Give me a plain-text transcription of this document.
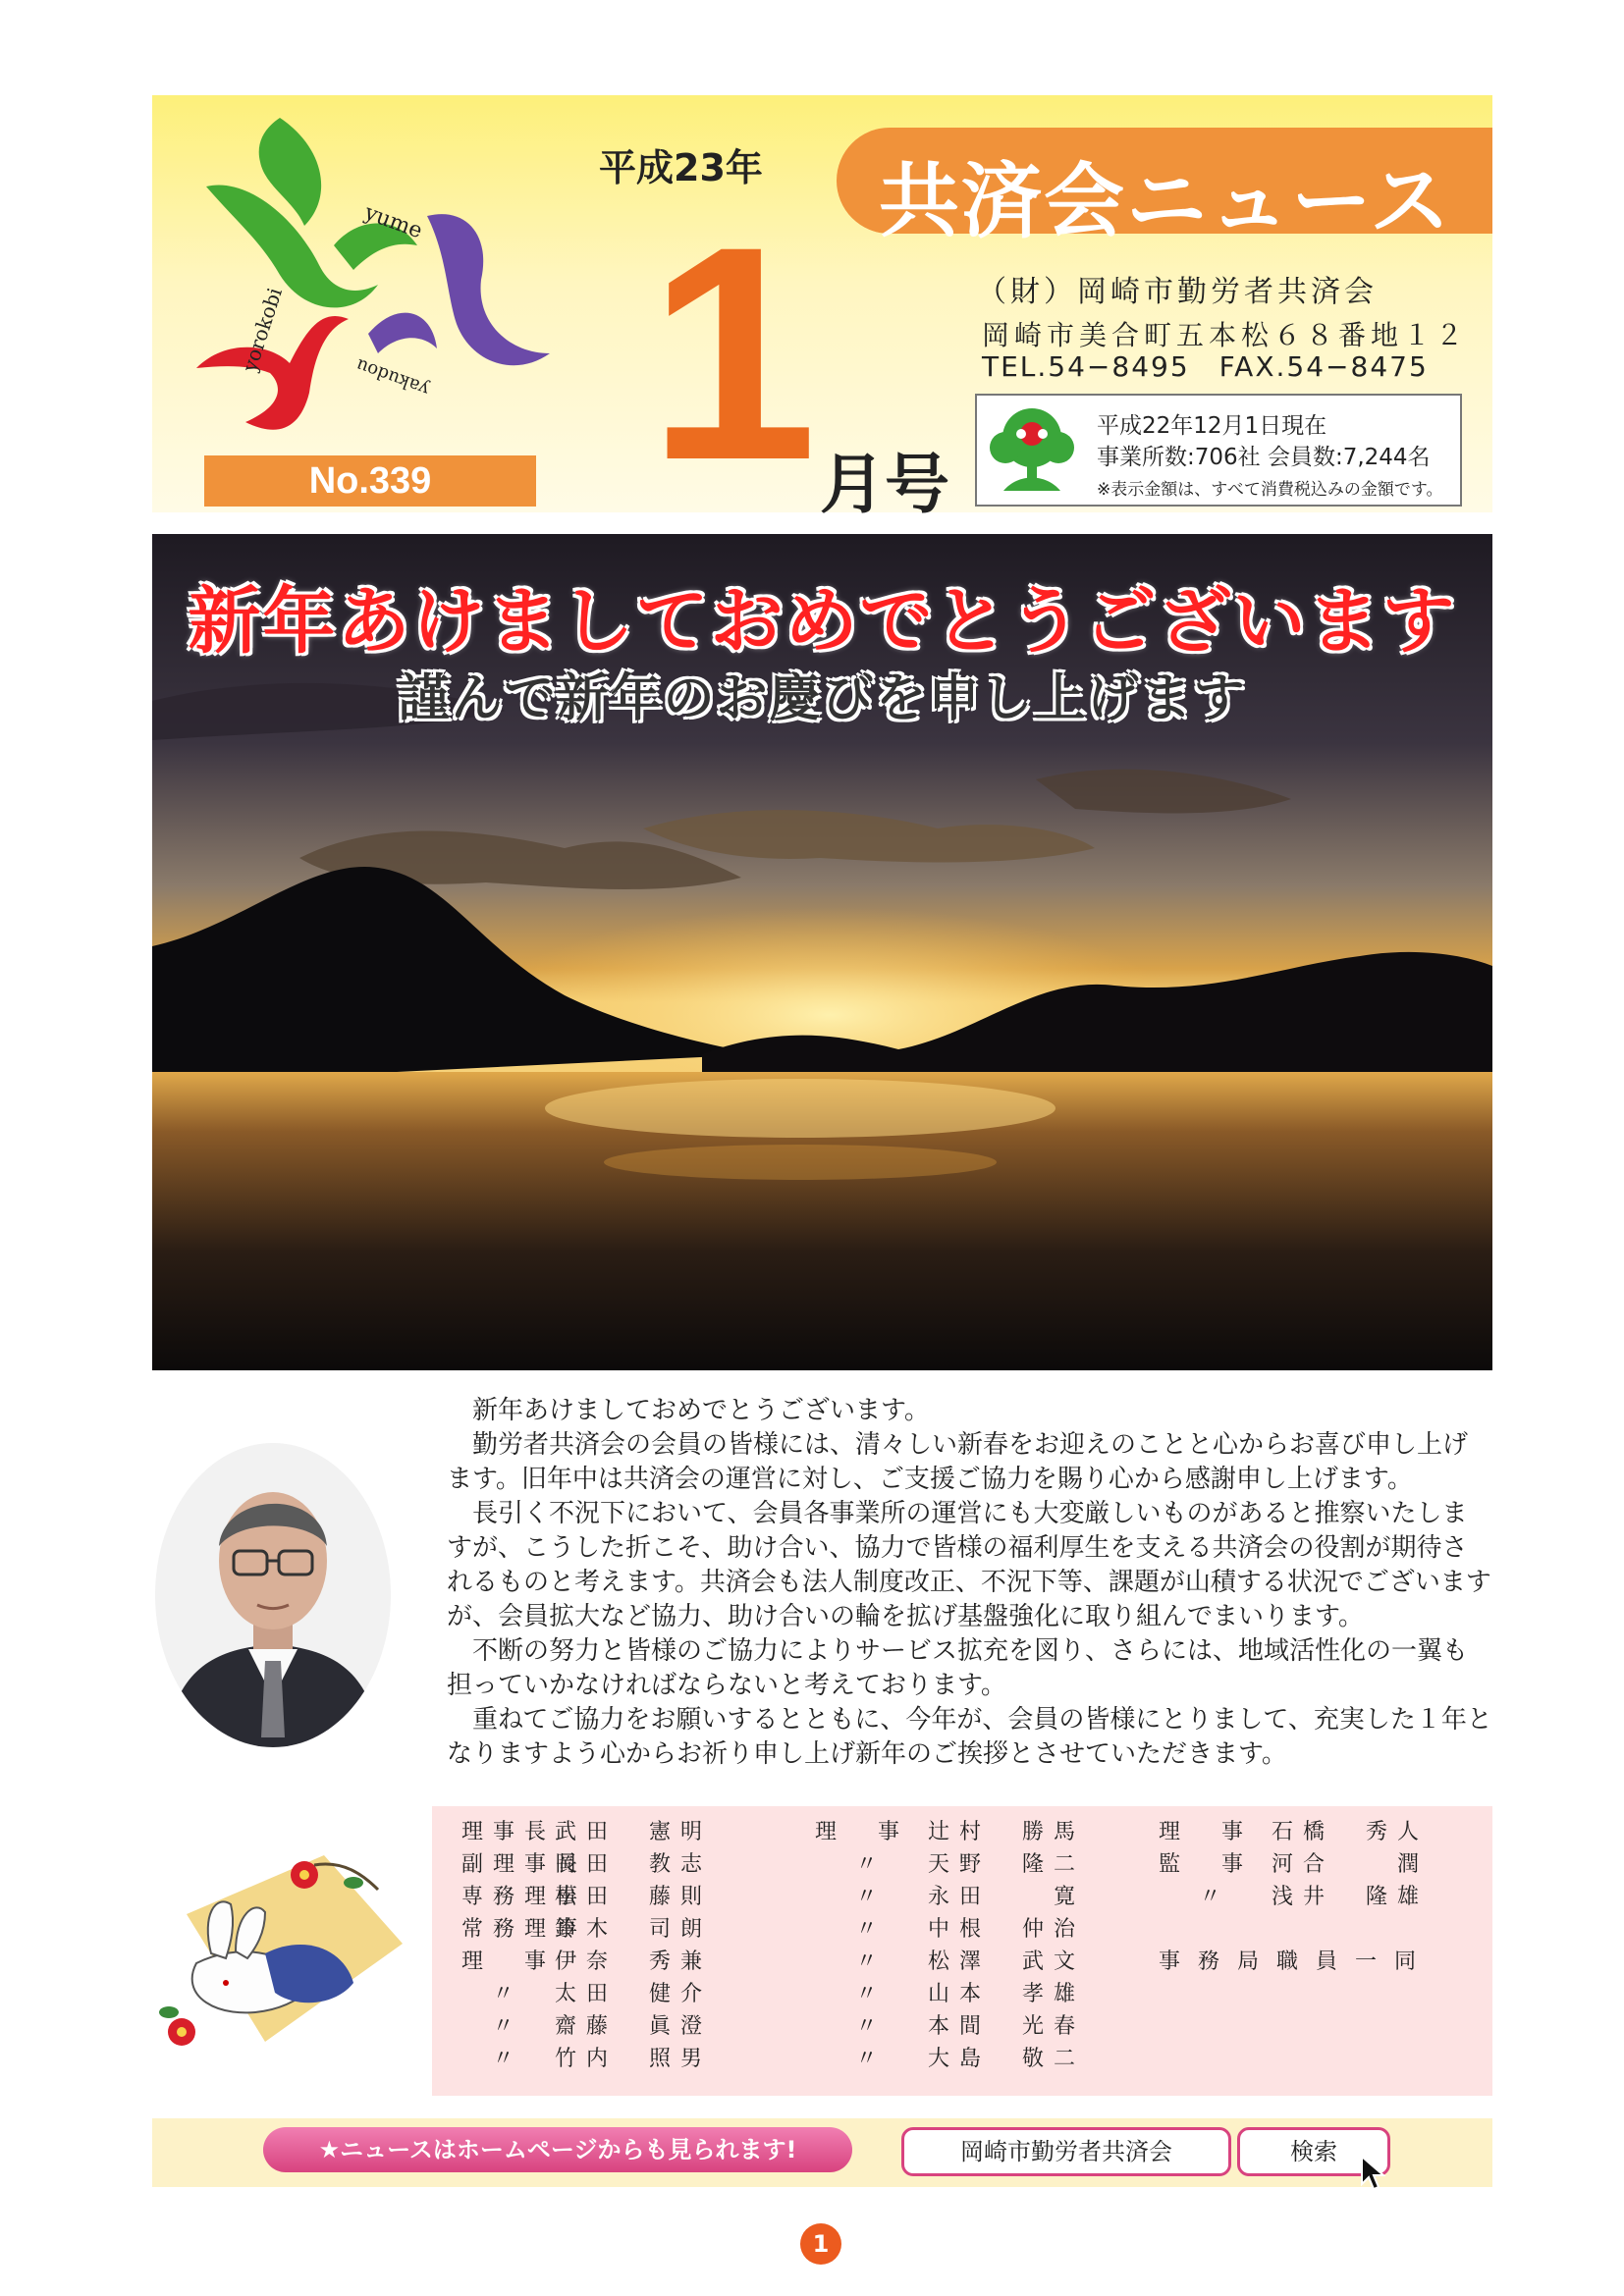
yume
yorokobi
yakudou
No.339
平成23年
1 月号
共済会ニュース
（財）岡崎市勤労者共済会
岡崎市美合町五本松６８番地１２
TEL.54−8495　FAX.54−8475
平成22年12月1日現在
事業所数:706社 会員数:7,244名
※表示金額は、すべて消費税込みの金額です。
新年あけましておめでとうございます
謹んで新年のお慶びを申し上げます

新年あけましておめでとうございます。

勤労者共済会の会員の皆様には、清々しい新春をお迎えのことと心からお喜び申し上げます。旧年中は共済会の運営に対し、ご支援ご協力を賜り心から感謝申し上げます。

長引く不況下において、会員各事業所の運営にも大変厳しいものがあると推察いたしますが、こうした折こそ、助け合い、協力で皆様の福利厚生を支える共済会の役割が期待されるものと考えます。共済会も法人制度改正、不況下等、課題が山積する状況でございますが、会員拡大など協力、助け合いの輪を拡げ基盤強化に取り組んでまいります。

不断の努力と皆様のご協力によりサービス拡充を図り、さらには、地域活性化の一翼も担っていかなければならないと考えております。

重ねてご協力をお願いするとともに、今年が、会員の皆様にとりまして、充実した１年となりますよう心からお祈り申し上げ新年のご挨拶とさせていただきます。

理事長武田　憲明
副理事長岡田　教志
専務理事松田　藤則
常務理事鈴木　司朗
理　事伊奈　秀兼
〃 太田　健介
〃 齋藤　眞澄
〃 竹内　照男
理　事 辻村　勝馬
〃 天野　隆二
〃 永田　　寛
〃 中根　仲治
〃 松澤　武文
〃 山本　孝雄
〃 本間　光春
〃 大島　敬二
理　事 石橋　秀人
監　事 河合　　潤
〃 浅井　隆雄
事務局職員一同
★ニュースはホームページからも見られます!	岡崎市勤労者共済会	検索
1
